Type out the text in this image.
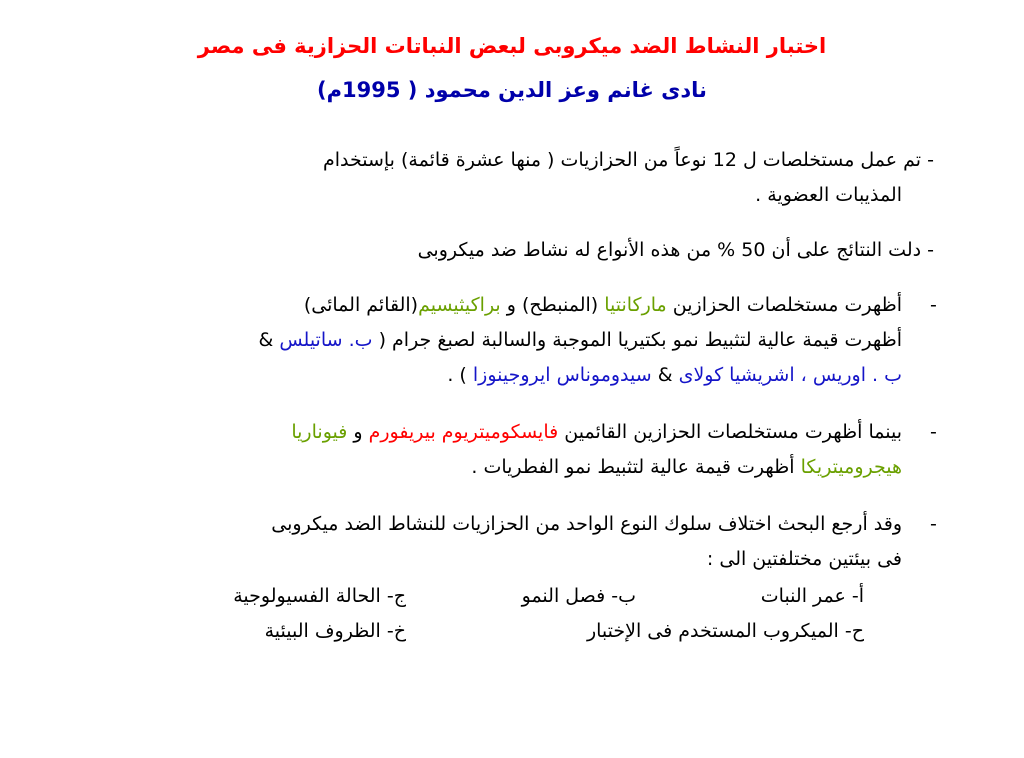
اختبار النشاط الضد ميكروبى لبعض النباتات الحزازية فى مصر
نادى غانم وعز الدين محمود ( 1995م)
- تم عمل مستخلصات ل 12 نوعاً من الحزازيات ( منها عشرة قائمة) بإستخدام
المذيبات العضوية .
- دلت النتائج على أن 50 % من هذه الأنواع له نشاط ضد ميكروبى
-
أظهرت مستخلصات الحزازين ماركانتيا (المنبطح) و براكيثيسيم(القائم المائى)
أظهرت قيمة عالية لتثبيط نمو بكتيريا الموجبة والسالبة لصبغ جرام ( ب. ساتيلس &
ب . اوريس ، اشريشيا كولاى & سيدوموناس ايروجينوزا ) .
-
بينما أظهرت مستخلصات الحزازين القائمين فايسكوميتريوم بيريفورم و فيوناريا
هيجروميتريكا أظهرت قيمة عالية لتثبيط نمو الفطريات .
-
وقد أرجع البحث اختلاف سلوك النوع الواحد من الحزازيات للنشاط الضد ميكروبى
فى بيئتين مختلفتين الى :
أ- عمر النبات
ب- فصل النمو
ج- الحالة الفسيولوجية
ح- الميكروب المستخدم فى الإختبار
خ- الظروف البيئية
